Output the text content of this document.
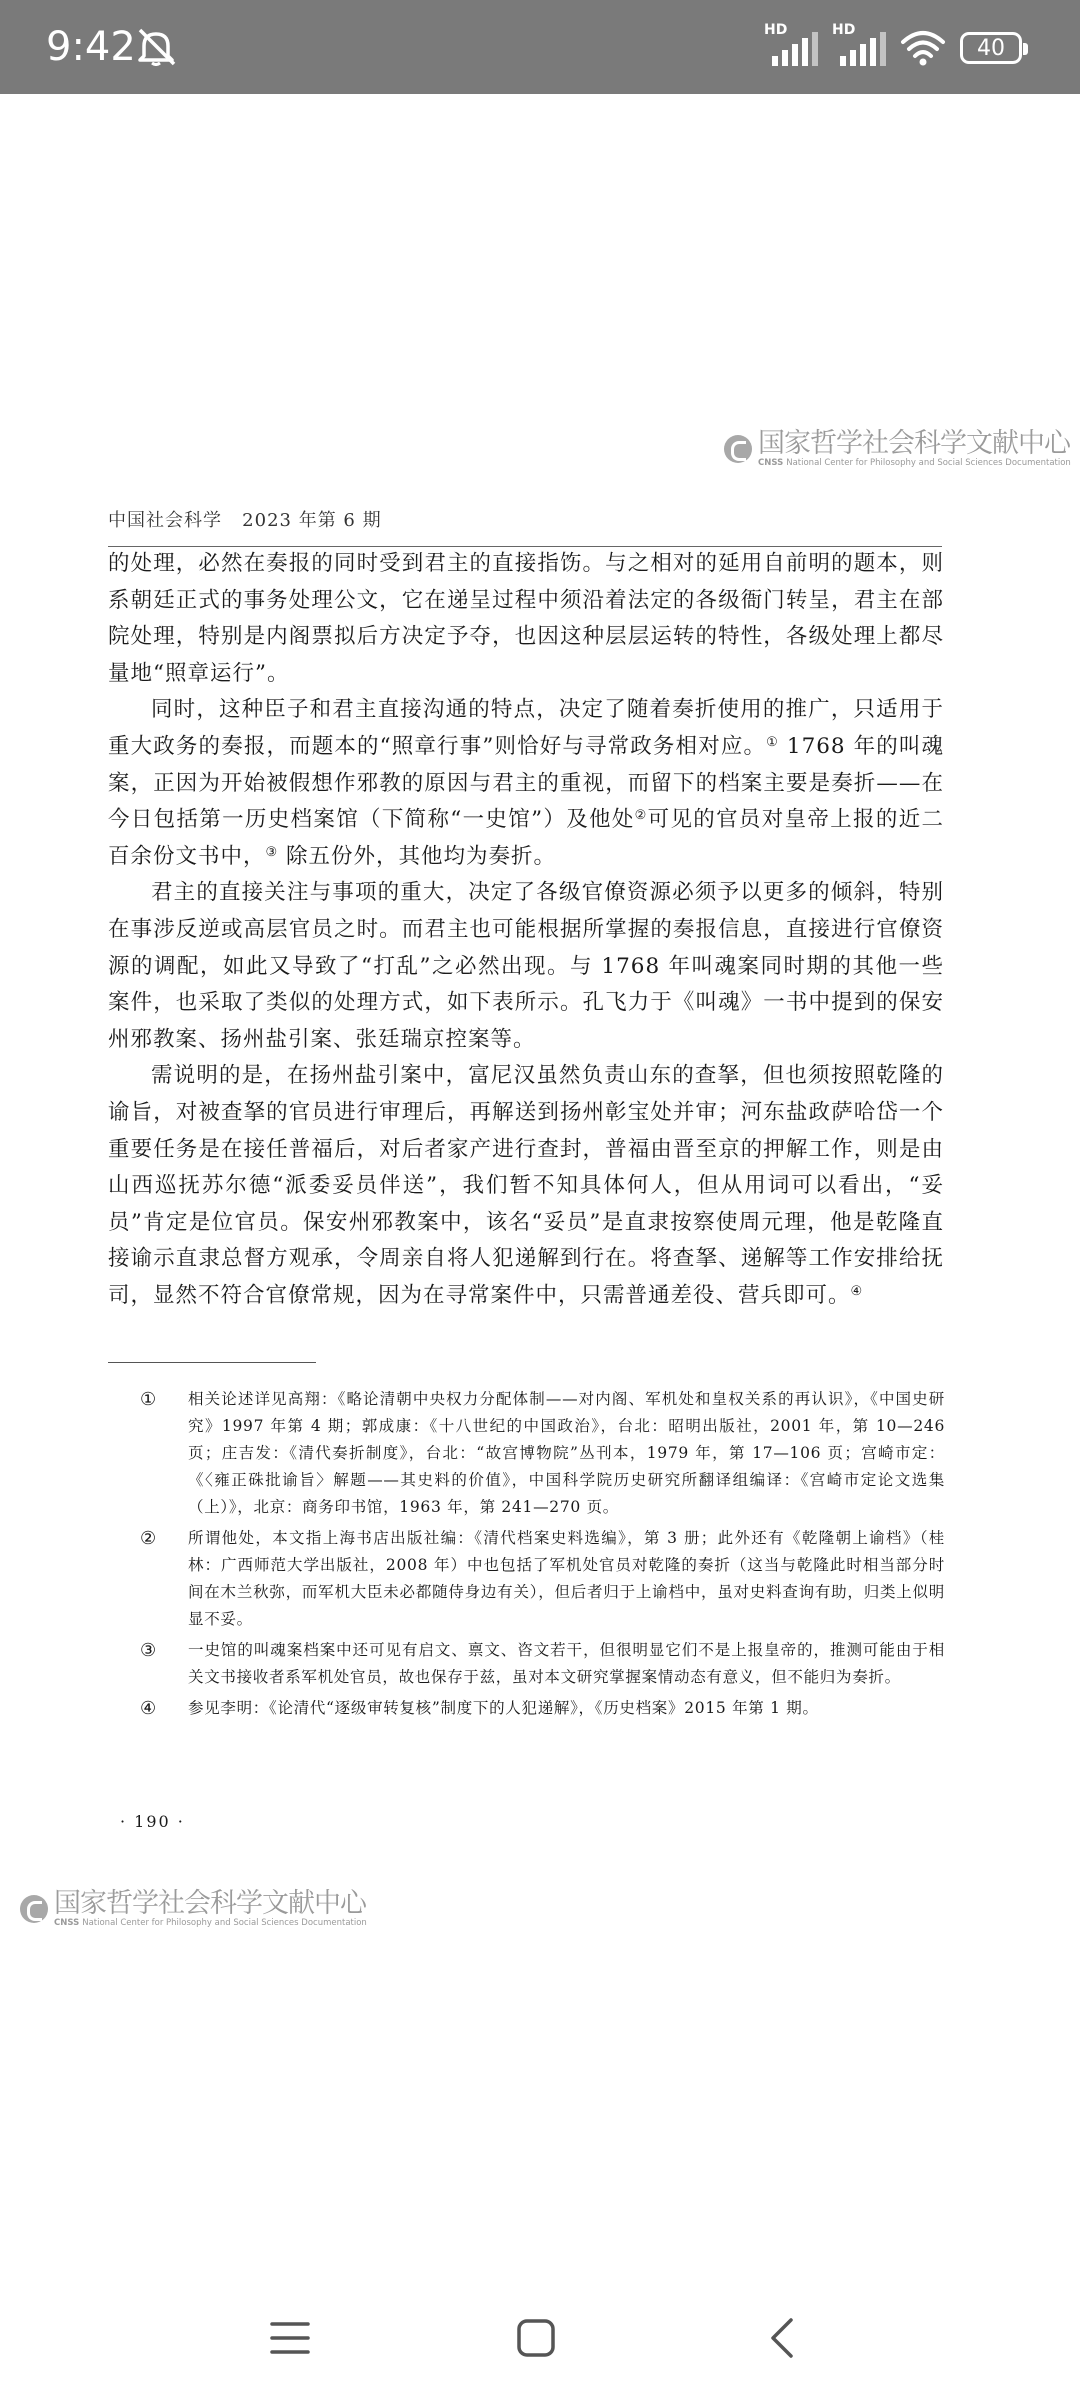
9:42	HD	HD
40
国家哲学社会科学文献中心
CNSS National Center for Philosophy and Social Sciences Documentation
中国社会科学 2023 年第 6 期

的处理，必然在奏报的同时受到君主的直接指饬。与之相对的延用自前明的题本，则系朝廷正式的事务处理公文，它在递呈过程中须沿着法定的各级衙门转呈，君主在部院处理，特别是内阁票拟后方决定予夺，也因这种层层运转的特性，各级处理上都尽量地“照章运行”。

同时，这种臣子和君主直接沟通的特点，决定了随着奏折使用的推广，只适用于重大政务的奏报，而题本的“照章行事”则恰好与寻常政务相对应。① 1768 年的叫魂案，正因为开始被假想作邪教的原因与君主的重视，而留下的档案主要是奏折——在今日包括第一历史档案馆（下简称“一史馆”）及他处②可见的官员对皇帝上报的近二百余份文书中，③ 除五份外，其他均为奏折。

君主的直接关注与事项的重大，决定了各级官僚资源必须予以更多的倾斜，特别在事涉反逆或高层官员之时。而君主也可能根据所掌握的奏报信息，直接进行官僚资源的调配，如此又导致了“打乱”之必然出现。与 1768 年叫魂案同时期的其他一些案件，也采取了类似的处理方式，如下表所示。孔飞力于《叫魂》一书中提到的保安州邪教案、扬州盐引案、张廷瑞京控案等。

需说明的是，在扬州盐引案中，富尼汉虽然负责山东的查拏，但也须按照乾隆的谕旨，对被查拏的官员进行审理后，再解送到扬州彰宝处并审；河东盐政萨哈岱一个重要任务是在接任普福后，对后者家产进行查封，普福由晋至京的押解工作，则是由山西巡抚苏尔德“派委妥员伴送”，我们暂不知具体何人，但从用词可以看出，“妥员”肯定是位官员。保安州邪教案中，该名“妥员”是直隶按察使周元理，他是乾隆直接谕示直隶总督方观承，令周亲自将人犯递解到行在。将查拏、递解等工作安排给抚司，显然不符合官僚常规，因为在寻常案件中，只需普通差役、营兵即可。④

①	相关论述详见高翔：《略论清朝中央权力分配体制——对内阁、军机处和皇权关系的再认识》，《中国史研究》1997 年第 4 期；郭成康：《十八世纪的中国政治》，台北：昭明出版社，2001 年，第 10—246 页；庄吉发：《清代奏折制度》，台北：“故宫博物院”丛刊本，1979 年，第 17—106 页；宫崎市定：《〈雍正硃批谕旨〉解题——其史料的价值》，中国科学院历史研究所翻译组编译：《宫崎市定论文选集（上）》，北京：商务印书馆，1963 年，第 241—270 页。
②	所谓他处，本文指上海书店出版社编：《清代档案史料选编》，第 3 册；此外还有《乾隆朝上谕档》（桂林：广西师范大学出版社，2008 年）中也包括了军机处官员对乾隆的奏折（这当与乾隆此时相当部分时间在木兰秋弥，而军机大臣未必都随侍身边有关），但后者归于上谕档中，虽对史料查询有助，归类上似明显不妥。
③	一史馆的叫魂案档案中还可见有启文、禀文、咨文若干，但很明显它们不是上报皇帝的，推测可能由于相关文书接收者系军机处官员，故也保存于兹，虽对本文研究掌握案情动态有意义，但不能归为奏折。
④	参见李明：《论清代“逐级审转复核”制度下的人犯递解》，《历史档案》2015 年第 1 期。
· 190 ·
国家哲学社会科学文献中心
CNSS National Center for Philosophy and Social Sciences Documentation
